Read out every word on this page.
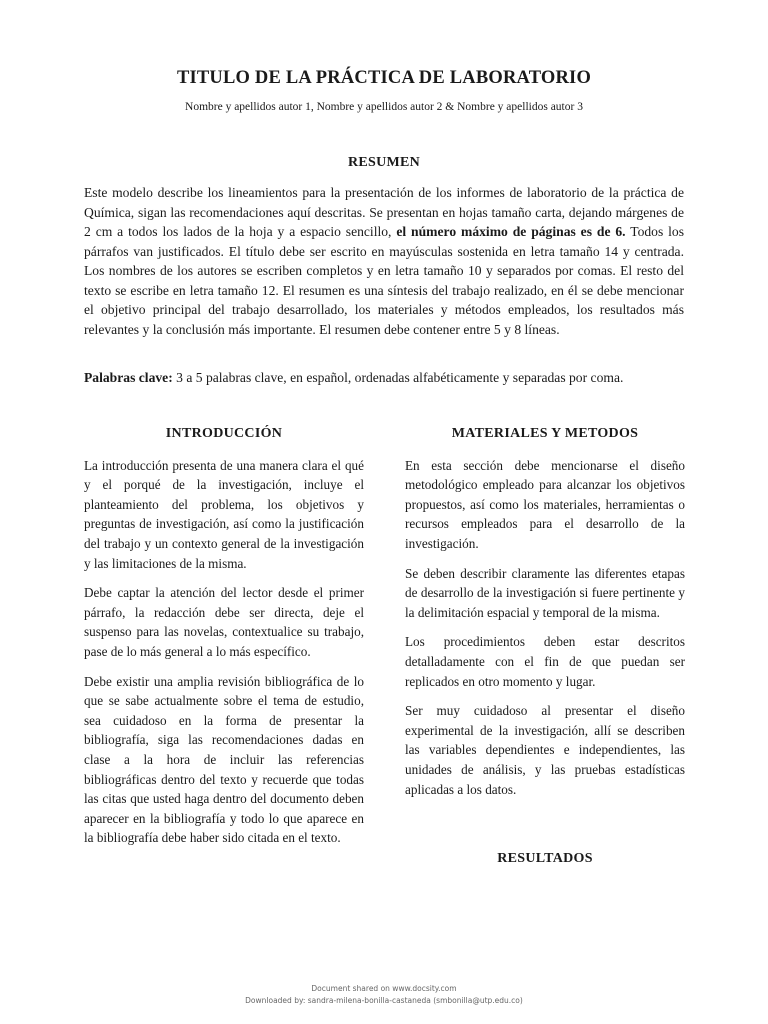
TITULO DE LA PRÁCTICA DE LABORATORIO
Nombre y apellidos autor 1, Nombre y apellidos autor 2 & Nombre y apellidos autor 3
RESUMEN

Este modelo describe los lineamientos para la presentación de los informes de laboratorio de la práctica de Química, sigan las recomendaciones aquí descritas. Se presentan en hojas tamaño carta, dejando márgenes de 2 cm a todos los lados de la hoja y a espacio sencillo, el número máximo de páginas es de 6. Todos los párrafos van justificados. El título debe ser escrito en mayúsculas sostenida en letra tamaño 14 y centrada. Los nombres de los autores se escriben completos y en letra tamaño 10 y separados por comas. El resto del texto se escribe en letra tamaño 12. El resumen es una síntesis del trabajo realizado, en él se debe mencionar el objetivo principal del trabajo desarrollado, los materiales y métodos empleados, los resultados más relevantes y la conclusión más importante. El resumen debe contener entre 5 y 8 líneas.

Palabras clave: 3 a 5 palabras clave, en español, ordenadas alfabéticamente y separadas por coma.

INTRODUCCIÓN

La introducción presenta de una manera clara el qué y el porqué de la investigación, incluye el planteamiento del problema, los objetivos y preguntas de investigación, así como la justificación del trabajo y un contexto general de la investigación y las limitaciones de la misma.

Debe captar la atención del lector desde el primer párrafo, la redacción debe ser directa, deje el suspenso para las novelas, contextualice su trabajo, pase de lo más general a lo más específico.

Debe existir una amplia revisión bibliográfica de lo que se sabe actualmente sobre el tema de estudio, sea cuidadoso en la forma de presentar la bibliografía, siga las recomendaciones dadas en clase a la hora de incluir las referencias bibliográficas dentro del texto y recuerde que todas las citas que usted haga dentro del documento deben aparecer en la bibliografía y todo lo que aparece en la bibliografía debe haber sido citada en el texto.

MATERIALES Y METODOS

En esta sección debe mencionarse el diseño metodológico empleado para alcanzar los objetivos propuestos, así como los materiales, herramientas o recursos empleados para el desarrollo de la investigación.

Se deben describir claramente las diferentes etapas de desarrollo de la investigación si fuere pertinente y la delimitación espacial y temporal de la misma.

Los procedimientos deben estar descritos detalladamente con el fin de que puedan ser replicados en otro momento y lugar.

Ser muy cuidadoso al presentar el diseño experimental de la investigación, allí se describen las variables dependientes e independientes, las unidades de análisis, y las pruebas estadísticas aplicadas a los datos.

RESULTADOS
Document shared on www.docsity.com
Downloaded by: sandra-milena-bonilla-castaneda (smbonilla@utp.edu.co)
